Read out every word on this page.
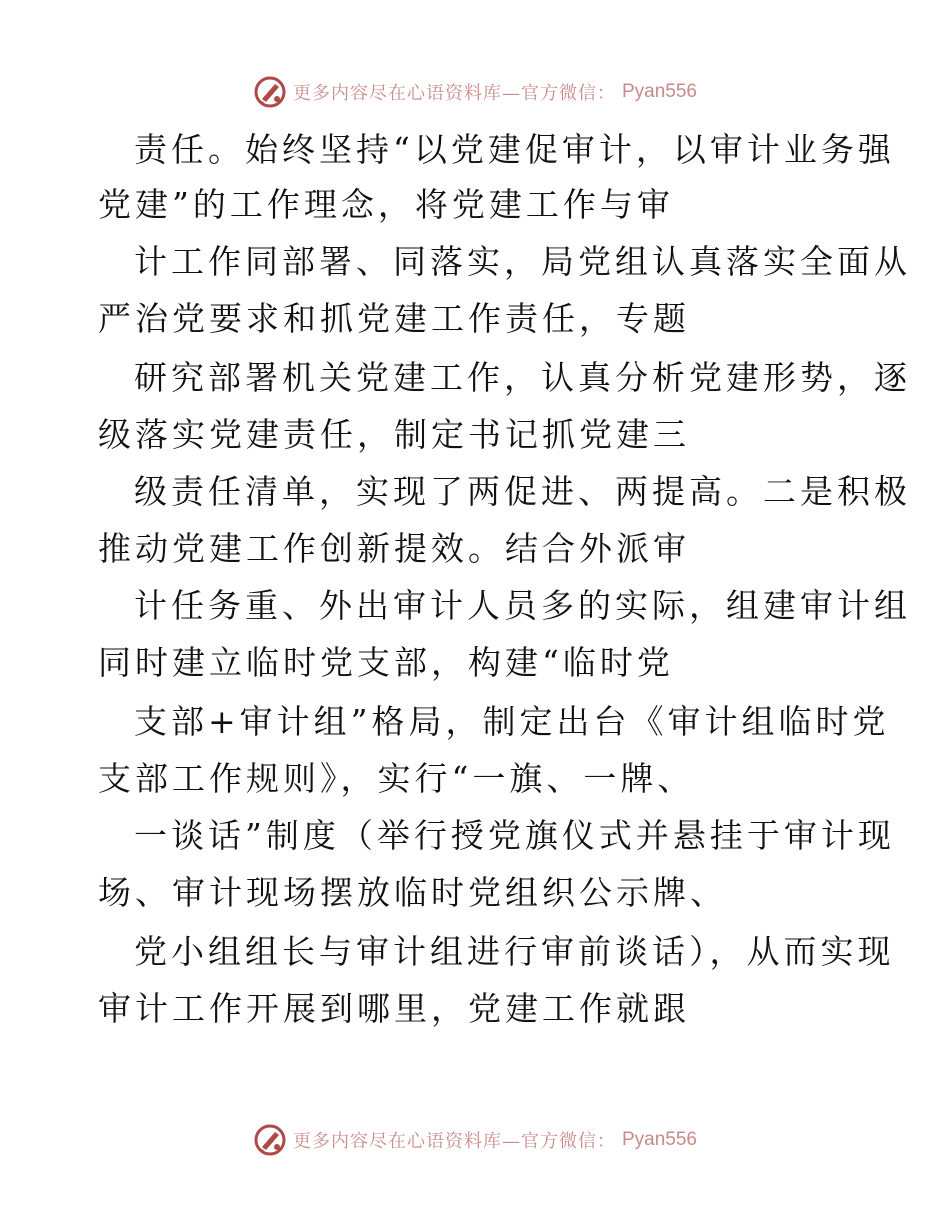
更多内容尽在心语资料库—官方微信： Pyan556
责任。始终坚持“以党建促审计，以审计业务强
党建”的工作理念，将党建工作与审
计工作同部署、同落实，局党组认真落实全面从
严治党要求和抓党建工作责任，专题
研究部署机关党建工作，认真分析党建形势，逐
级落实党建责任，制定书记抓党建三
级责任清单，实现了两促进、两提高。二是积极
推动党建工作创新提效。结合外派审
计任务重、外出审计人员多的实际，组建审计组
同时建立临时党支部，构建“临时党
支部+审计组”格局，制定出台《审计组临时党
支部工作规则》，实行“一旗、一牌、
一谈话”制度（举行授党旗仪式并悬挂于审计现
场、审计现场摆放临时党组织公示牌、
党小组组长与审计组进行审前谈话），从而实现
审计工作开展到哪里，党建工作就跟
更多内容尽在心语资料库—官方微信： Pyan556
